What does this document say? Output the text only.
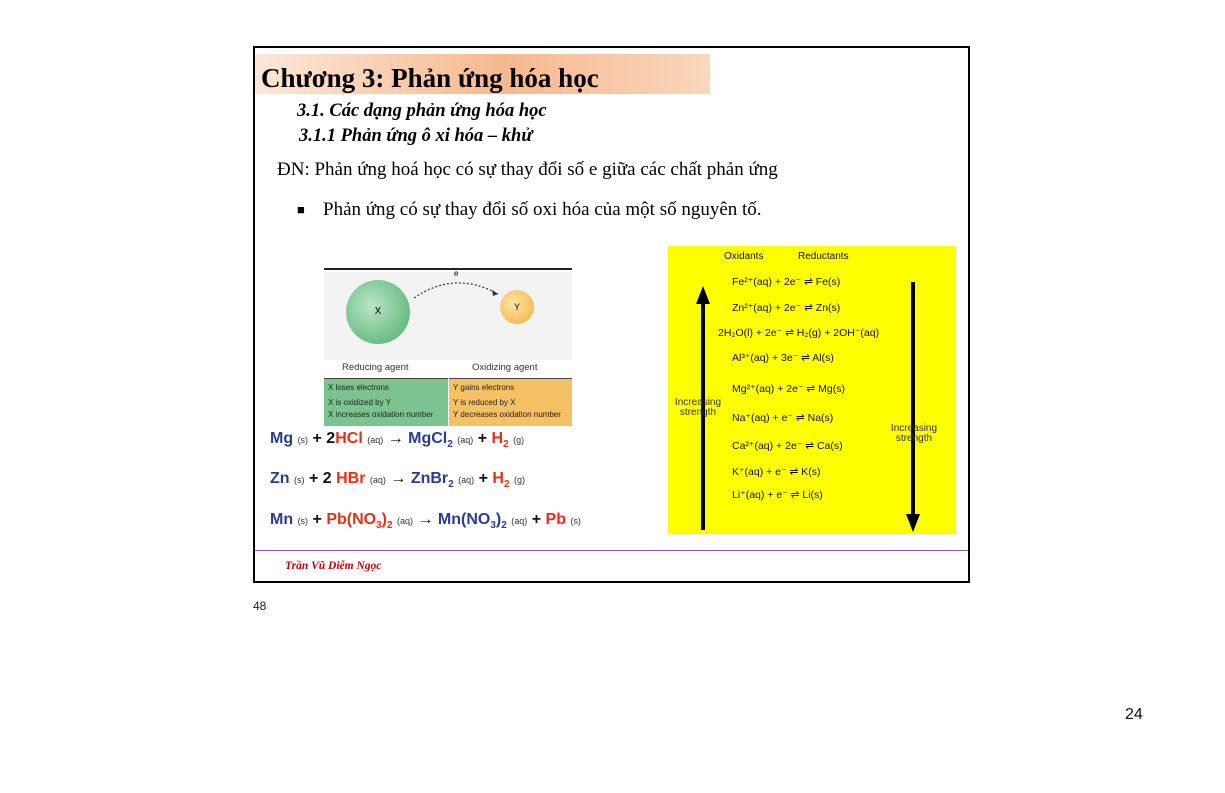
Chương 3: Phản ứng hóa học
3.1. Các dạng phản ứng hóa học
3.1.1 Phản ứng ô xi hóa – khử
ĐN: Phản ứng hoá học có sự thay đổi số e giữa các chất phản ứng
■ Phản ứng có sự thay đổi số oxi hóa của một số nguyên tố.
X
e
Y
Reducing agent	Oxidizing agent
X loses electrons
X is oxidized by Y
X increases oxidation number
Y gains electrons
Y is reduced by X
Y decreases oxidation number
Mg (s) + 2HCl (aq) → MgCl$_2$ $(aq) + H_2$ (g)
Zn (s) + 2 HBr (aq) → ZnBr$_2$ $(aq) + H_2$ (g)
Mn $(s) + Pb(NO_3)_2$ $(aq) \to Mn(NO_3)_2$ (aq) + Pb (s)
Oxidants	Reductants
Fe²⁺(aq) + 2e⁻ ⇌ Fe(s)
Zn²⁺(aq) + 2e⁻ ⇌ Zn(s)
2H₂O(l) + 2e⁻ ⇌ H₂(g) + 2OH⁻(aq)
Al³⁺(aq) + 3e⁻ ⇌ Al(s)
Mg²⁺(aq) + 2e⁻ ⇌ Mg(s)
Na⁺(aq) + e⁻ ⇌ Na(s)
Ca²⁺(aq) + 2e⁻ ⇌ Ca(s)
K⁺(aq) + e⁻ ⇌ K(s)
Li⁺(aq) + e⁻ ⇌ Li(s)
Increasing strength
Increasing strength
Trần Vũ Diễm Ngọc
48
24
